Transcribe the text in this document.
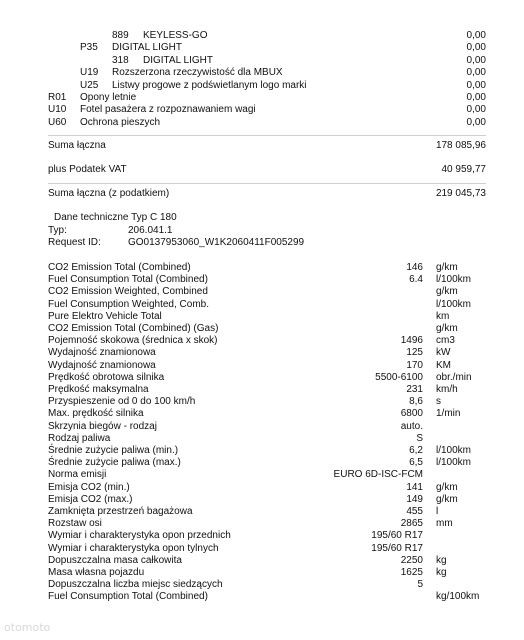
889 KEYLESS-GO	0,00
P35 DIGITAL LIGHT	0,00
318 DIGITAL LIGHT	0,00
U19 Rozszerzona rzeczywistość dla MBUX	0,00
U25 Listwy progowe z podświetlanym logo marki	0,00
R01 Opony letnie	0,00
U10 Fotel pasażera z rozpoznawaniem wagi	0,00
U60 Ochrona pieszych	0,00
Suma łączna	178 085,96
plus Podatek VAT	40 959,77
Suma łączna (z podatkiem)	219 045,73
Dane techniczne Typ C 180
Typ:	206.041.1
Request ID:	GO0137953060_W1K2060411F005299
CO2 Emission Total (Combined)	146 g/km
Fuel Consumption Total (Combined)	6.4 l/100km
CO2 Emission Weighted, Combined	g/km
Fuel Consumption Weighted, Comb.	l/100km
Pure Elektro Vehicle Total	km
CO2 Emission Total (Combined) (Gas)	g/km
Pojemność skokowa (średnica x skok)	1496 cm3
Wydajność znamionowa	125 kW
Wydajność znamionowa	170 KM
Prędkość obrotowa silnika	5500-6100 obr./min
Prędkość maksymalna	231 km/h
Przyspieszenie od 0 do 100 km/h	8,6 s
Max. prędkość silnika	6800 1/min
Skrzynia biegów - rodzaj	auto.
Rodzaj paliwa	S
Średnie zużycie paliwa (min.)	6,2 l/100km
Średnie zużycie paliwa (max.)	6,5 l/100km
Norma emisji	EURO 6D-ISC-FCM
Emisja CO2 (min.)	141 g/km
Emisja CO2 (max.)	149 g/km
Zamknięta przestrzeń bagażowa	455 l
Rozstaw osi	2865 mm
Wymiar i charakterystyka opon przednich	195/60 R17
Wymiar i charakterystyka opon tylnych	195/60 R17
Dopuszczalna masa całkowita	2250 kg
Masa własna pojazdu	1625 kg
Dopuszczalna liczba miejsc siedzących	5
Fuel Consumption Total (Combined)	kg/100km
otomoto
